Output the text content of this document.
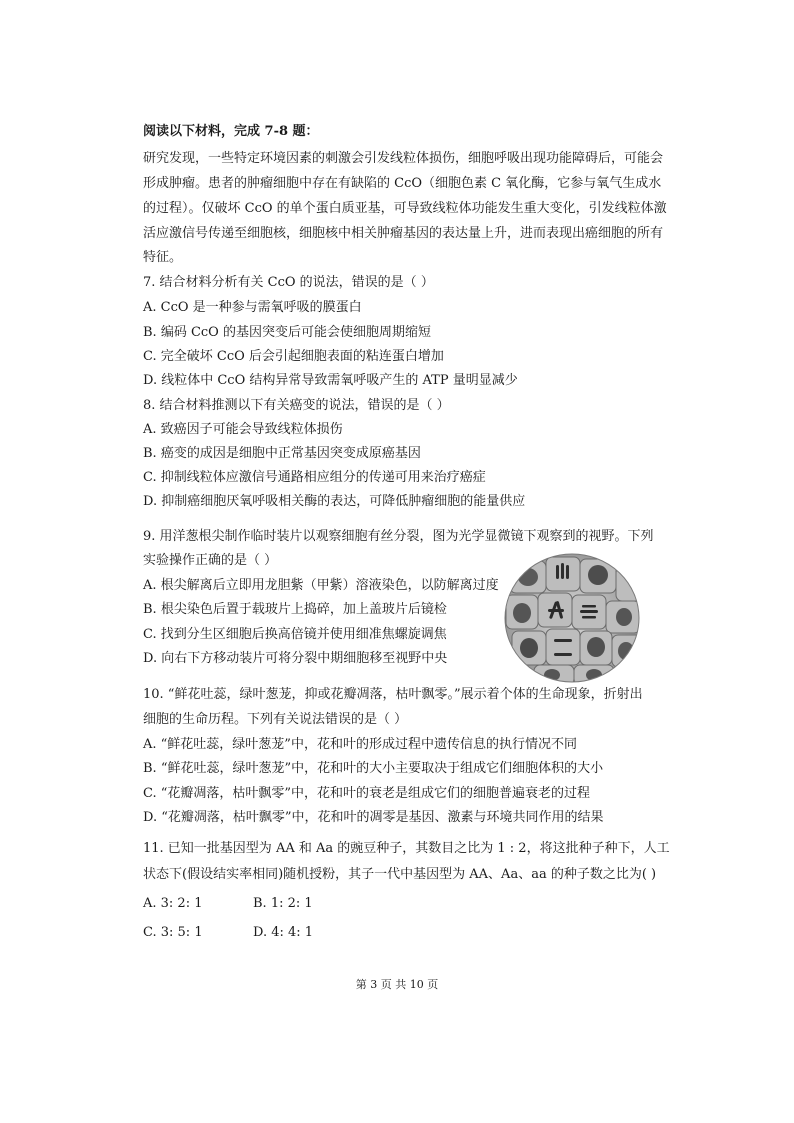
阅读以下材料，完成 7-8 题：
研究发现，一些特定环境因素的刺激会引发线粒体损伤，细胞呼吸出现功能障碍后，可能会
形成肿瘤。患者的肿瘤细胞中存在有缺陷的 CcO（细胞色素 C 氧化酶，它参与氧气生成水
的过程）。仅破坏 CcO 的单个蛋白质亚基，可导致线粒体功能发生重大变化，引发线粒体激
活应激信号传递至细胞核，细胞核中相关肿瘤基因的表达量上升，进而表现出癌细胞的所有
特征。
7. 结合材料分析有关 CcO 的说法，错误的是（ ）
A. CcO 是一种参与需氧呼吸的膜蛋白
B. 编码 CcO 的基因突变后可能会使细胞周期缩短
C. 完全破坏 CcO 后会引起细胞表面的粘连蛋白增加
D. 线粒体中 CcO 结构异常导致需氧呼吸产生的 ATP 量明显减少
8. 结合材料推测以下有关癌变的说法，错误的是（ ）
A. 致癌因子可能会导致线粒体损伤
B. 癌变的成因是细胞中正常基因突变成原癌基因
C. 抑制线粒体应激信号通路相应组分的传递可用来治疗癌症
D. 抑制癌细胞厌氧呼吸相关酶的表达，可降低肿瘤细胞的能量供应
9. 用洋葱根尖制作临时装片以观察细胞有丝分裂，图为光学显微镜下观察到的视野。下列
实验操作正确的是（ ）
A. 根尖解离后立即用龙胆紫（甲紫）溶液染色，以防解离过度
B. 根尖染色后置于载玻片上捣碎，加上盖玻片后镜检
C. 找到分生区细胞后换高倍镜并使用细准焦螺旋调焦
D. 向右下方移动装片可将分裂中期细胞移至视野中央
10. “鲜花吐蕊，绿叶葱茏，抑或花瓣凋落，枯叶飘零。”展示着个体的生命现象，折射出
细胞的生命历程。下列有关说法错误的是（ ）
A. “鲜花吐蕊，绿叶葱茏”中，花和叶的形成过程中遗传信息的执行情况不同
B. “鲜花吐蕊，绿叶葱茏”中，花和叶的大小主要取决于组成它们细胞体积的大小
C. “花瓣凋落，枯叶飘零”中，花和叶的衰老是组成它们的细胞普遍衰老的过程
D. “花瓣凋落，枯叶飘零”中，花和叶的凋零是基因、激素与环境共同作用的结果
11. 已知一批基因型为 AA 和 Aa 的豌豆种子，其数目之比为 1 : 2，将这批种子种下，人工
状态下(假设结实率相同)随机授粉，其子一代中基因型为 AA、Aa、aa 的种子数之比为( )
A. 3: 2: 1	B. 1: 2: 1
C. 3: 5: 1	D. 4: 4: 1
第 3 页 共 10 页
